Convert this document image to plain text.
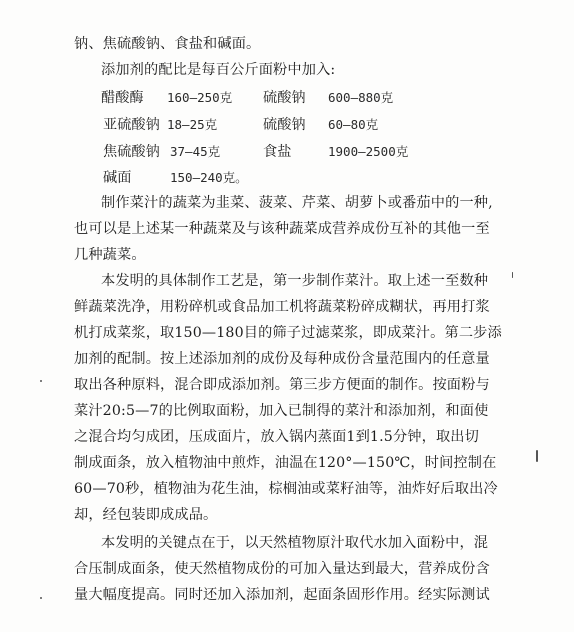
钠、焦硫酸钠、食盐和碱面。
添加剂的配比是每百公斤面粉中加入:
醋酸酶 160—250克 硫酸钠 600—880克
亚硫酸钠 18—25克	硫酸钠 60—80克
焦硫酸钠 37—45克	食盐	1900—2500克
碱面	150—240克。
制作菜汁的蔬菜为韭菜、菠菜、芹菜、胡萝卜或番茄中的一种,
也可以是上述某一种蔬菜及与该种蔬菜成营养成份互补的其他一至
几种蔬菜。
本发明的具体制作工艺是，第一步制作菜汁。取上述一至数种
鲜蔬菜洗净，用粉碎机或食品加工机将蔬菜粉碎成糊状，再用打浆
机打成菜浆，取150—180目的筛子过滤菜浆，即成菜汁。第二步添
加剂的配制。按上述添加剂的成份及每种成份含量范围内的任意量
取出各种原料，混合即成添加剂。第三步方便面的制作。按面粉与
菜汁20:5—7的比例取面粉，加入已制得的菜汁和添加剂，和面使
之混合均匀成团，压成面片，放入锅内蒸面1到1.5分钟，取出切
制成面条，放入植物油中煎炸，油温在120°—150℃，时间控制在
60—70秒，植物油为花生油，棕榈油或菜籽油等，油炸好后取出冷
却，经包装即成成品。
本发明的关键点在于，以天然植物原汁取代水加入面粉中，混
合压制成面条，使天然植物成份的可加入量达到最大，营养成份含
量大幅度提高。同时还加入添加剂，起面条固形作用。经实际测试
